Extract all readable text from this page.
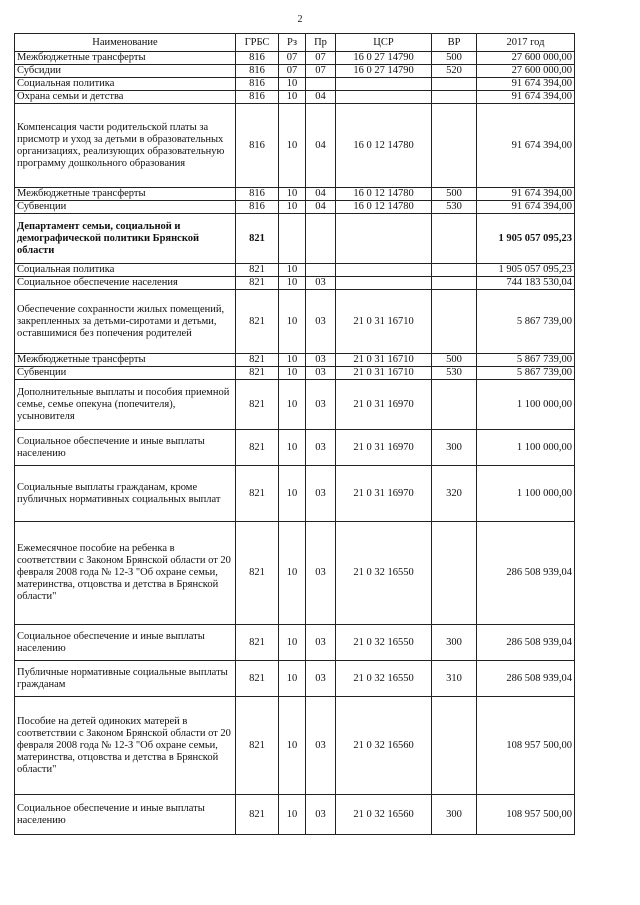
2
Наименование	ГРБС	Рз	Пр	ЦСР	ВР	2017 год
Межбюджетные трансферты	816	07	07	16 0 27 14790	500	27 600 000,00
Субсидии	816	07	07	16 0 27 14790	520	27 600 000,00
Социальная политика	816	10				91 674 394,00
Охрана семьи и детства	816	10	04			91 674 394,00
Компенсация части родительской платы за присмотр и уход за детьми в образовательных организациях, реализующих образовательную программу дошкольного образования	816	10	04	16 0 12 14780		91 674 394,00
Межбюджетные трансферты	816	10	04	16 0 12 14780	500	91 674 394,00
Субвенции	816	10	04	16 0 12 14780	530	91 674 394,00
Департамент семьи, социальной и демографической политики Брянской области	821					1 905 057 095,23
Социальная политика	821	10				1 905 057 095,23
Социальное обеспечение населения	821	10	03			744 183 530,04
Обеспечение сохранности жилых помещений, закрепленных за детьми-сиротами и детьми, оставшимися без попечения родителей	821	10	03	21 0 31 16710		5 867 739,00
Межбюджетные трансферты	821	10	03	21 0 31 16710	500	5 867 739,00
Субвенции	821	10	03	21 0 31 16710	530	5 867 739,00
Дополнительные выплаты и пособия приемной семье, семье опекуна (попечителя), усыновителя	821	10	03	21 0 31 16970		1 100 000,00
Социальное обеспечение и иные выплаты населению	821	10	03	21 0 31 16970	300	1 100 000,00
Социальные выплаты гражданам, кроме публичных нормативных социальных выплат	821	10	03	21 0 31 16970	320	1 100 000,00
Ежемесячное пособие на ребенка в соответствии с Законом Брянской области от 20 февраля 2008 года № 12-З "Об охране семьи, материнства, отцовства и детства в Брянской области"	821	10	03	21 0 32 16550		286 508 939,04
Социальное обеспечение и иные выплаты населению	821	10	03	21 0 32 16550	300	286 508 939,04
Публичные нормативные социальные выплаты гражданам	821	10	03	21 0 32 16550	310	286 508 939,04
Пособие на детей одиноких матерей в соответствии с Законом Брянской области от 20 февраля 2008 года № 12-З "Об охране семьи, материнства, отцовства и детства в Брянской области"	821	10	03	21 0 32 16560		108 957 500,00
Социальное обеспечение и иные выплаты населению	821	10	03	21 0 32 16560	300	108 957 500,00
